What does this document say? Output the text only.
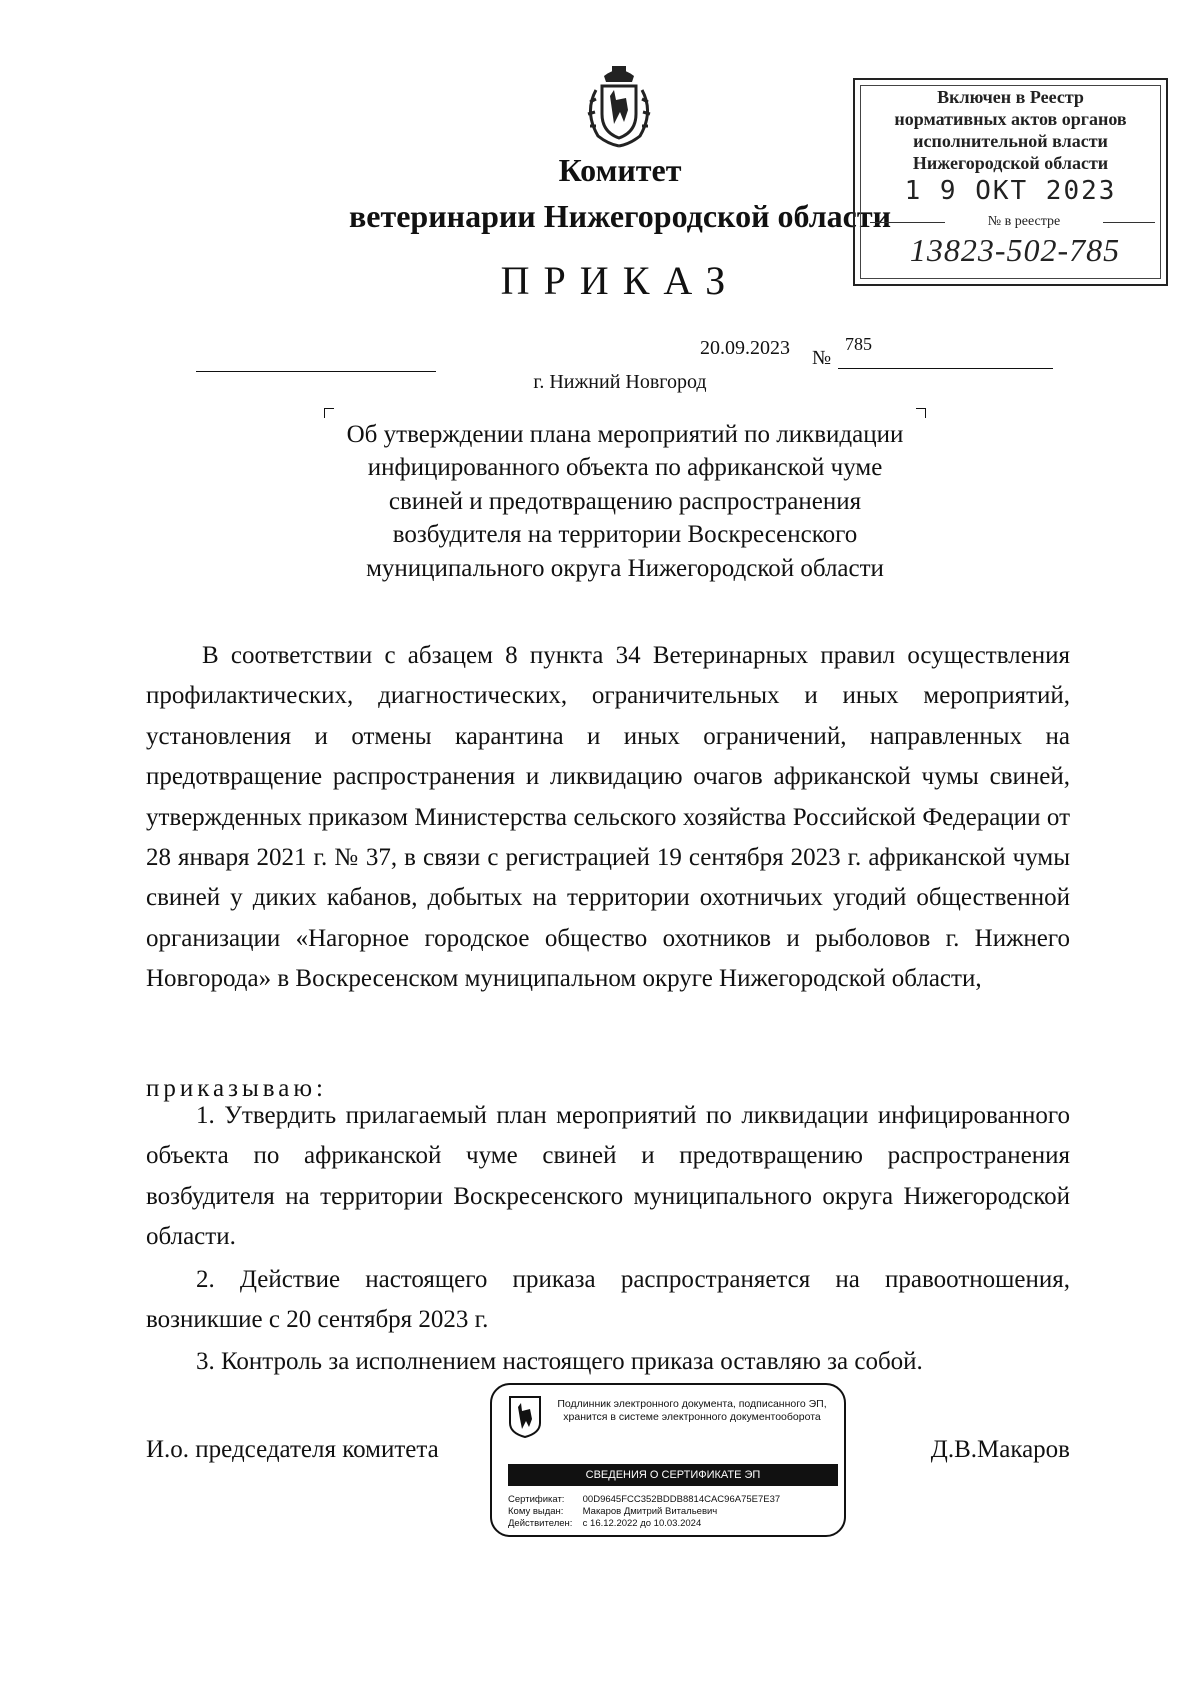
Комитет
ветеринарии Нижегородской области
ПРИКАЗ
Включен в Реестр
нормативных актов органов
исполнительной власти
Нижегородской области
1 9 ОКТ 2023
№ в реестре
13823-502-785
20.09.2023 №
785
г. Нижний Новгород
Об утверждении плана мероприятий по ликвидации инфицированного объекта по африканской чуме свиней и предотвращению распространения возбудителя на территории Воскресенского муниципального округа Нижегородской области
В соответствии с абзацем 8 пункта 34 Ветеринарных правил осуществления профилактических, диагностических, ограничительных и иных мероприятий, установления и отмены карантина и иных ограничений, направленных на предотвращение распространения и ликвидацию очагов африканской чумы свиней, утвержденных приказом Министерства сельского хозяйства Российской Федерации от 28 января 2021 г. № 37, в связи с регистрацией 19 сентября 2023 г. африканской чумы свиней у диких кабанов, добытых на территории охотничьих угодий общественной организации «Нагорное городское общество охотников и рыболовов г. Нижнего Новгорода» в Воскресенском муниципальном округе Нижегородской области,
приказываю:
1. Утвердить прилагаемый план мероприятий по ликвидации инфицированного объекта по африканской чуме свиней и предотвращению распространения возбудителя на территории Воскресенского муниципального округа Нижегородской области.
2. Действие настоящего приказа распространяется на правоотношения, возникшие с 20 сентября 2023 г.
3. Контроль за исполнением настоящего приказа оставляю за собой.
И.о. председателя комитета	Д.В.Макаров
Подлинник электронного документа, подписанного ЭП, хранится в системе электронного документооборота
СВЕДЕНИЯ О СЕРТИФИКАТЕ ЭП
Сертификат: 00D9645FCC352BDDB8814CAC96A75E7E37
Кому выдан: Макаров Дмитрий Витальевич
Действителен: с 16.12.2022 до 10.03.2024
